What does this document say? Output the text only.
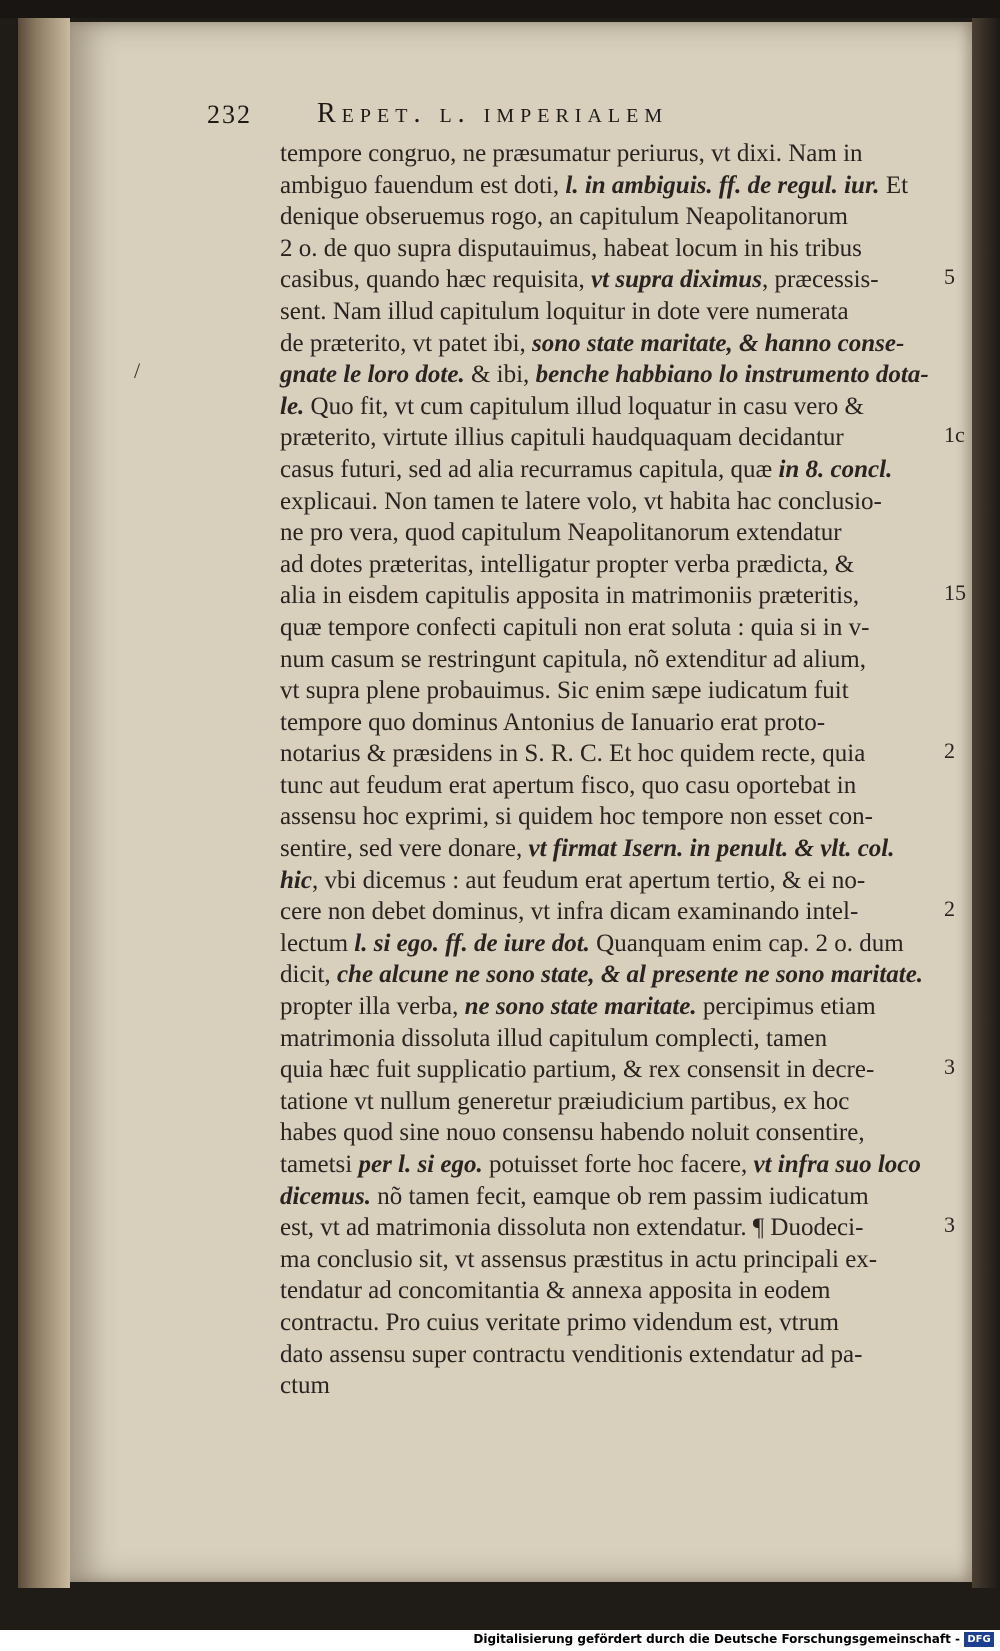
232 Repet. l. imperialem
/
tempore congruo, ne præsumatur periurus, vt dixi. Nam in
ambiguo fauendum est doti, l. in ambiguis. ff. de regul. iur. Et
denique obseruemus rogo, an capitulum Neapolitanorum
2 o. de quo supra disputauimus, habeat locum in his tribus
casibus, quando hæc requisita, vt supra diximus, præcessis-
sent. Nam illud capitulum loquitur in dote vere numerata
de præterito, vt patet ibi, sono state maritate, & hanno conse-
gnate le loro dote. & ibi, benche habbiano lo instrumento dota-
le. Quo fit, vt cum capitulum illud loquatur in casu vero &
præterito, virtute illius capituli haudquaquam decidantur
casus futuri, sed ad alia recurramus capitula, quæ in 8. concl.
explicaui. Non tamen te latere volo, vt habita hac conclusio-
ne pro vera, quod capitulum Neapolitanorum extendatur
ad dotes præteritas, intelligatur propter verba prædicta, &
alia in eisdem capitulis apposita in matrimoniis præteritis,
quæ tempore confecti capituli non erat soluta : quia si in v-
num casum se restringunt capitula, nõ extenditur ad alium,
vt supra plene probauimus. Sic enim sæpe iudicatum fuit
tempore quo dominus Antonius de Ianuario erat proto-
notarius & præsidens in S. R. C. Et hoc quidem recte, quia
tunc aut feudum erat apertum fisco, quo casu oportebat in
assensu hoc exprimi, si quidem hoc tempore non esset con-
sentire, sed vere donare, vt firmat Isern. in penult. & vlt. col.
hic, vbi dicemus : aut feudum erat apertum tertio, & ei no-
cere non debet dominus, vt infra dicam examinando intel-
lectum l. si ego. ff. de iure dot. Quanquam enim cap. 2 o. dum
dicit, che alcune ne sono state, & al presente ne sono maritate.
propter illa verba, ne sono state maritate. percipimus etiam
matrimonia dissoluta illud capitulum complecti, tamen
quia hæc fuit supplicatio partium, & rex consensit in decre-
tatione vt nullum generetur præiudicium partibus, ex hoc
habes quod sine nouo consensu habendo noluit consentire,
tametsi per l. si ego. potuisset forte hoc facere, vt infra suo loco
dicemus. nõ tamen fecit, eamque ob rem passim iudicatum
est, vt ad matrimonia dissoluta non extendatur. ¶ Duodeci-
ma conclusio sit, vt assensus præstitus in actu principali ex-
tendatur ad concomitantia & annexa apposita in eodem
contractu. Pro cuius veritate primo videndum est, vtrum
dato assensu super contractu venditionis extendatur ad pa-
ctum
5
1c
15
2
2
3
3
Digitalisierung gefördert durch die Deutsche Forschungsgemeinschaft - DFG
